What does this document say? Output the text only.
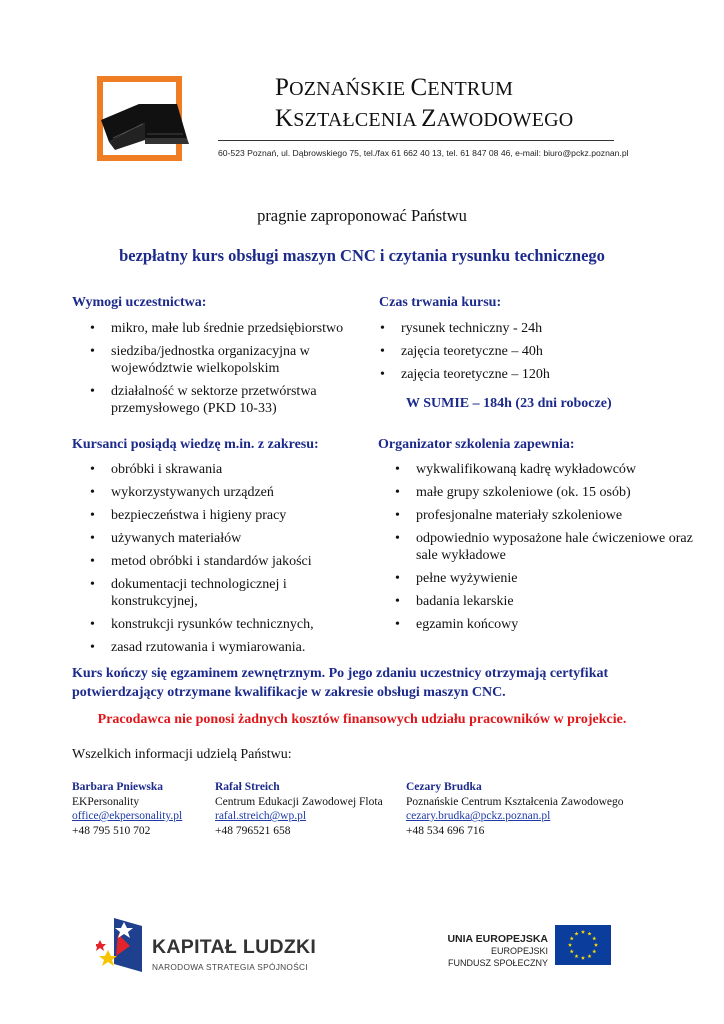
POZNAŃSKIE CENTRUM
KSZTAŁCENIA ZAWODOWEGO
60-523 Poznań, ul. Dąbrowskiego 75, tel./fax 61 662 40 13, tel. 61 847 08 46, e-mail: biuro@pckz.poznan.pl
pragnie zaproponować Państwu
bezpłatny kurs obsługi maszyn CNC i czytania rysunku technicznego
Wymogi uczestnictwa:
• mikro, małe lub średnie przedsiębiorstwo
• siedziba/jednostka organizacyjna w województwie wielkopolskim
• działalność w sektorze przetwórstwa przemysłowego (PKD 10-33)
Czas trwania kursu:
• rysunek techniczny - 24h
• zajęcia teoretyczne – 40h
• zajęcia teoretyczne – 120h
W SUMIE – 184h (23 dni robocze)
Kursanci posiądą wiedzę m.in. z zakresu:
• obróbki i skrawania
• wykorzystywanych urządzeń
• bezpieczeństwa i higieny pracy
• używanych materiałów
• metod obróbki i standardów jakości
• dokumentacji technologicznej i konstrukcyjnej,
• konstrukcji rysunków technicznych,
• zasad rzutowania i wymiarowania.
Organizator szkolenia zapewnia:
• wykwalifikowaną kadrę wykładowców
• małe grupy szkoleniowe (ok. 15 osób)
• profesjonalne materiały szkoleniowe
• odpowiednio wyposażone hale ćwiczeniowe oraz sale wykładowe
• pełne wyżywienie
• badania lekarskie
• egzamin końcowy
Kurs kończy się egzaminem zewnętrznym. Po jego zdaniu uczestnicy otrzymają certyfikat potwierdzający otrzymane kwalifikacje w zakresie obsługi maszyn CNC.
Pracodawca nie ponosi żadnych kosztów finansowych udziału pracowników w projekcie.
Wszelkich informacji udzielą Państwu:
Barbara Pniewska
EKPersonality
office@ekpersonality.pl
+48 795 510 702
Rafał Streich
Centrum Edukacji Zawodowej Flota
rafal.streich@wp.pl
+48 796521 658
Cezary Brudka
Poznańskie Centrum Kształcenia Zawodowego
cezary.brudka@pckz.poznan.pl
+48 534 696 716
KAPITAŁ LUDZKI
NARODOWA STRATEGIA SPÓJNOŚCI
UNIA EUROPEJSKA
EUROPEJSKI
FUNDUSZ SPOŁECZNY
